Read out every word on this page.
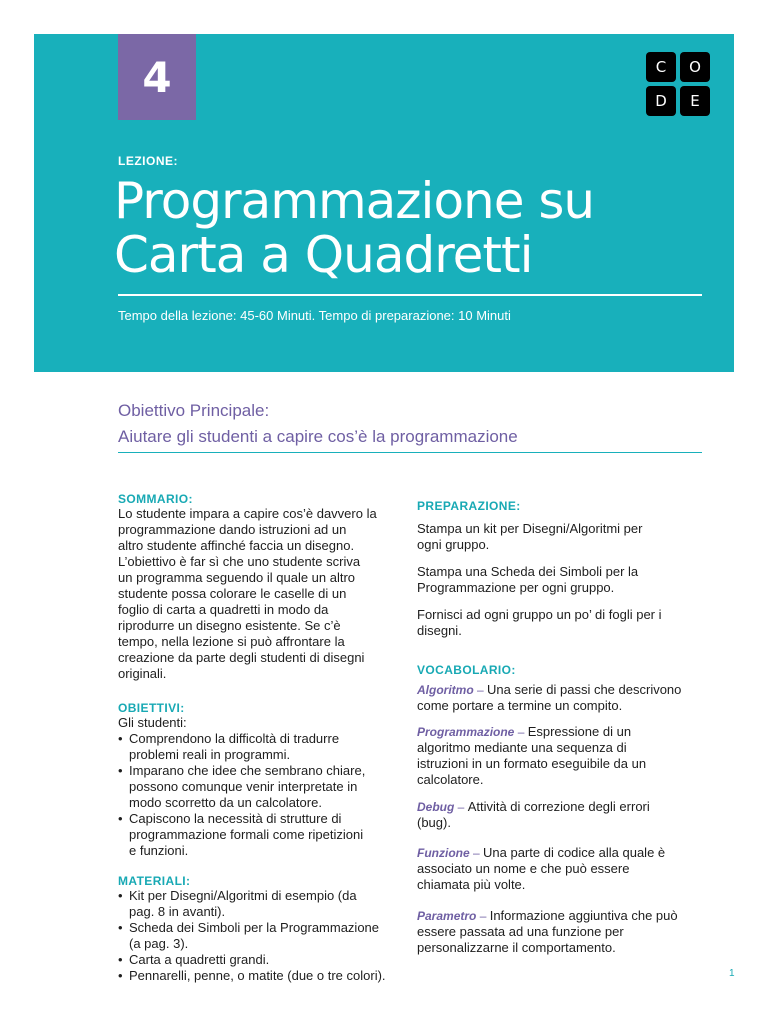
4	C	O
D	E
LEZIONE:
Programmazione su
Carta a Quadretti
Tempo della lezione: 45-60 Minuti. Tempo di preparazione: 10 Minuti
Obiettivo Principale:
Aiutare gli studenti a capire cos’è la programmazione
SOMMARIO:

Lo studente impara a capire cos’è davvero la
programmazione dando istruzioni ad un
altro studente affinché faccia un disegno.
L’obiettivo è far sì che uno studente scriva
un programma seguendo il quale un altro
studente possa colorare le caselle di un
foglio di carta a quadretti in modo da
riprodurre un disegno esistente. Se c’è
tempo, nella lezione si può affrontare la
creazione da parte degli studenti di disegni
originali.

OBIETTIVI:

Gli studenti:

• Comprendono la difficoltà di tradurre
problemi reali in programmi.
• Imparano che idee che sembrano chiare,
possono comunque venir interpretate in
modo scorretto da un calcolatore.
• Capiscono la necessità di strutture di
programmazione formali come ripetizioni
e funzioni.
MATERIALI:
• Kit per Disegni/Algoritmi di esempio (da
pag. 8 in avanti).
• Scheda dei Simboli per la Programmazione
(a pag. 3).
• Carta a quadretti grandi.
• Pennarelli, penne, o matite (due o tre colori).
PREPARAZIONE:

Stampa un kit per Disegni/Algoritmi per
ogni gruppo.

Stampa una Scheda dei Simboli per la
Programmazione per ogni gruppo.

Fornisci ad ogni gruppo un po’ di fogli per i
disegni.

VOCABOLARIO:

Algoritmo – Una serie di passi che descrivono
come portare a termine un compito.

Programmazione – Espressione di un
algoritmo mediante una sequenza di
istruzioni in un formato eseguibile da un
calcolatore.

Debug – Attività di correzione degli errori
(bug).

Funzione – Una parte di codice alla quale è
associato un nome e che può essere
chiamata più volte.

Parametro – Informazione aggiuntiva che può
essere passata ad una funzione per
personalizzarne il comportamento.

1
